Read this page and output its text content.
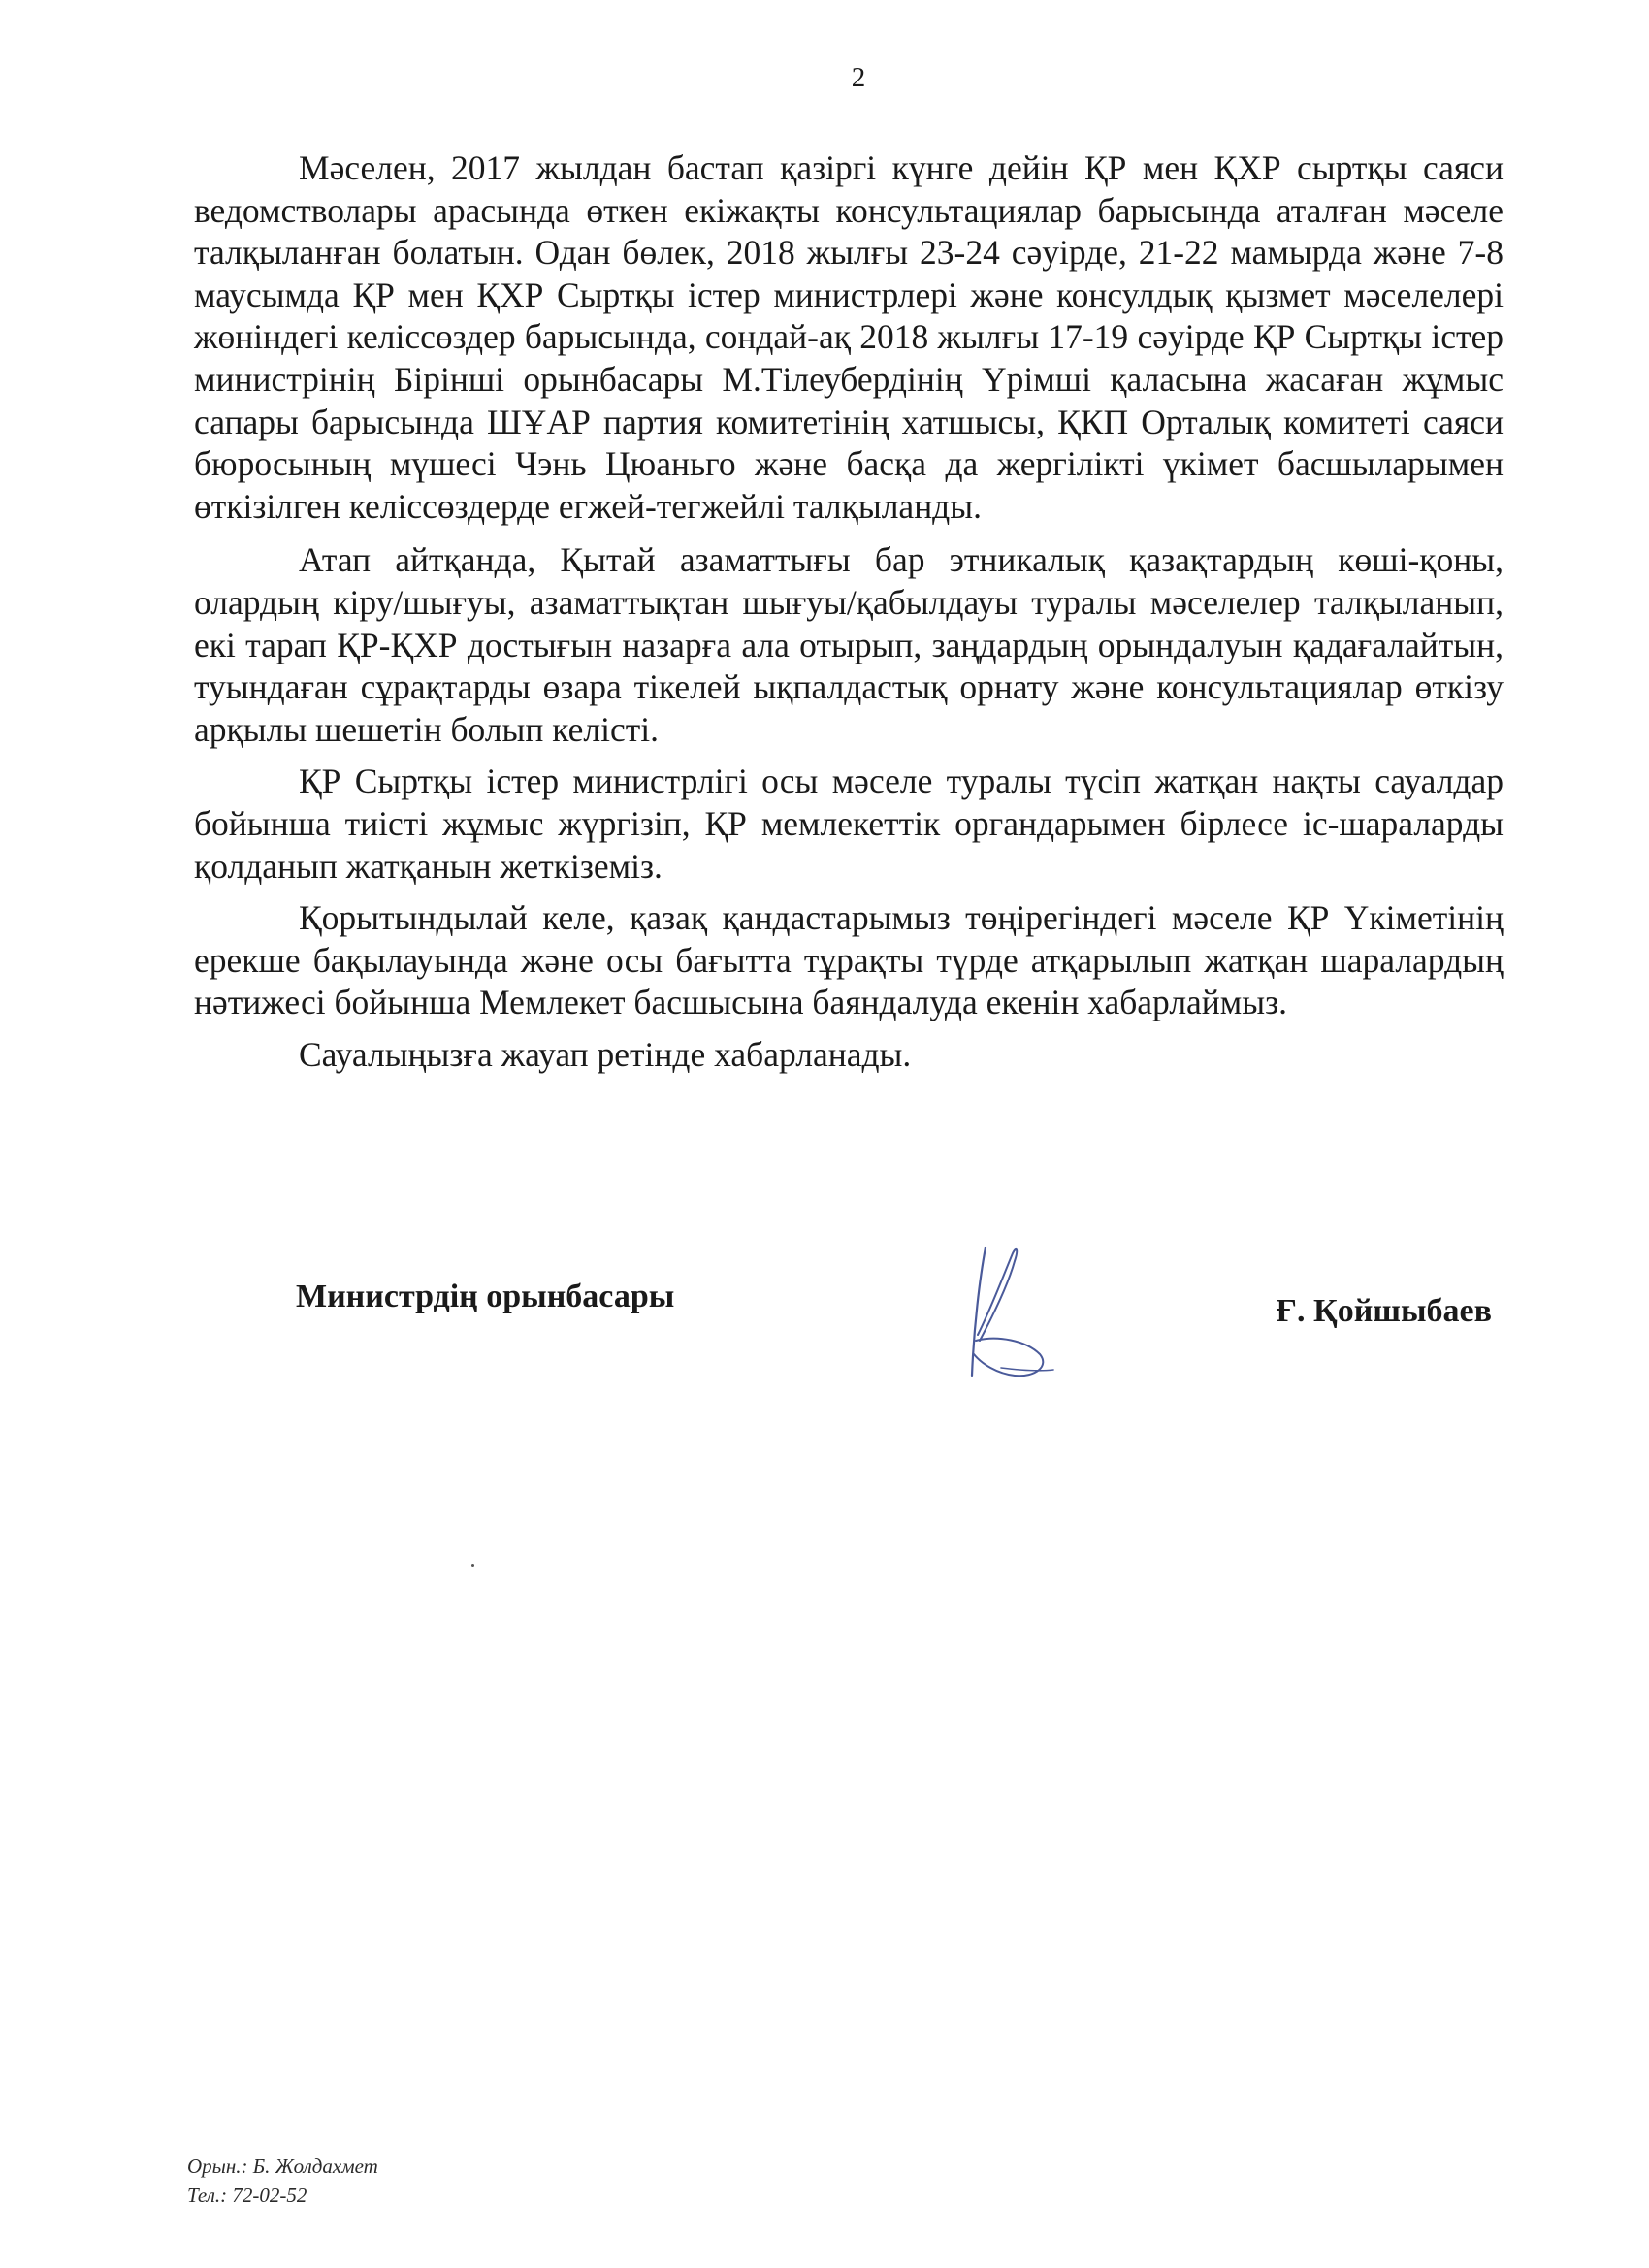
2

Мәселен, 2017 жылдан бастап қазіргі күнге дейін ҚР мен ҚХР сыртқы саяси ведомстволары арасында өткен екіжақты консультациялар барысында аталған мәселе талқыланған болатын. Одан бөлек, 2018 жылғы 23-24 сәуірде, 21-22 мамырда және 7-8 маусымда ҚР мен ҚХР Сыртқы істер министрлері және консулдық қызмет мәселелері жөніндегі келіссөздер барысында, сондай-ақ 2018 жылғы 17-19 сәуірде ҚР Сыртқы істер министрінің Бірінші орынбасары М.Тілеубердінің Үрімші қаласына жасаған жұмыс сапары барысында ШҰАР партия комитетінің хатшысы, ҚКП Орталық комитеті саяси бюросының мүшесі Чэнь Цюаньго және басқа да жергілікті үкімет басшыларымен өткізілген келіссөздерде егжей-тегжейлі талқыланды.

Атап айтқанда, Қытай азаматтығы бар этникалық қазақтардың көші-қоны, олардың кіру/шығуы, азаматтықтан шығуы/қабылдауы туралы мәселелер талқыланып, екі тарап ҚР-ҚХР достығын назарға ала отырып, заңдардың орындалуын қадағалайтын, туындаған сұрақтарды өзара тікелей ықпалдастық орнату және консультациялар өткізу арқылы шешетін болып келісті.

ҚР Сыртқы істер министрлігі осы мәселе туралы түсіп жатқан нақты сауалдар бойынша тиісті жұмыс жүргізіп, ҚР мемлекеттік органдарымен бірлесе іс-шараларды қолданып жатқанын жеткіземіз.

Қорытындылай келе, қазақ қандастарымыз төңірегіндегі мәселе ҚР Үкіметінің ерекше бақылауында және осы бағытта тұрақты түрде атқарылып жатқан шаралардың нәтижесі бойынша Мемлекет басшысына баяндалуда екенін хабарлаймыз.

Сауалыңызға жауап ретінде хабарланады.

Министрдің орынбасары	Ғ. Қойшыбаев
Орын.: Б. Жолдахмет
Тел.: 72-02-52
